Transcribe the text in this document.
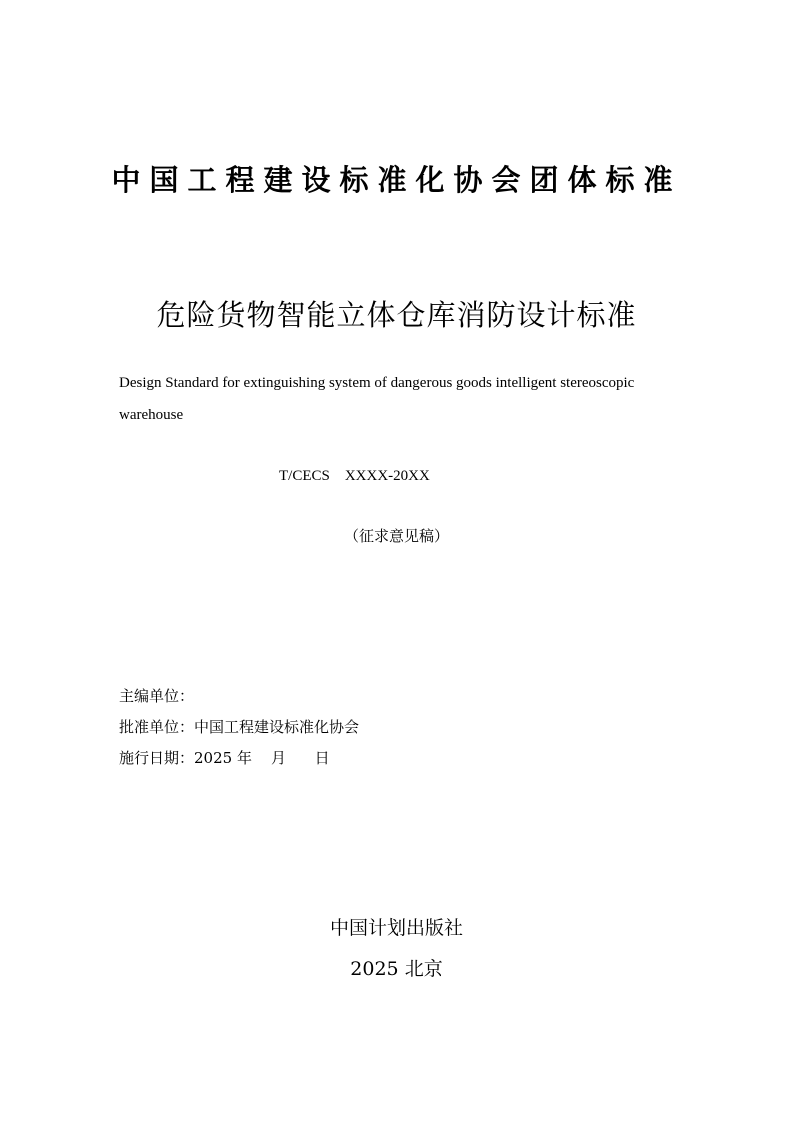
中国工程建设标准化协会团体标准
危险货物智能立体仓库消防设计标准
Design Standard for extinguishing system of dangerous goods intelligent stereoscopic warehouse
T/CECS    XXXX-20XX
（征求意见稿）
主编单位：
批准单位：中国工程建设标准化协会
施行日期：2025 年    月      日
中国计划出版社
2025 北京
